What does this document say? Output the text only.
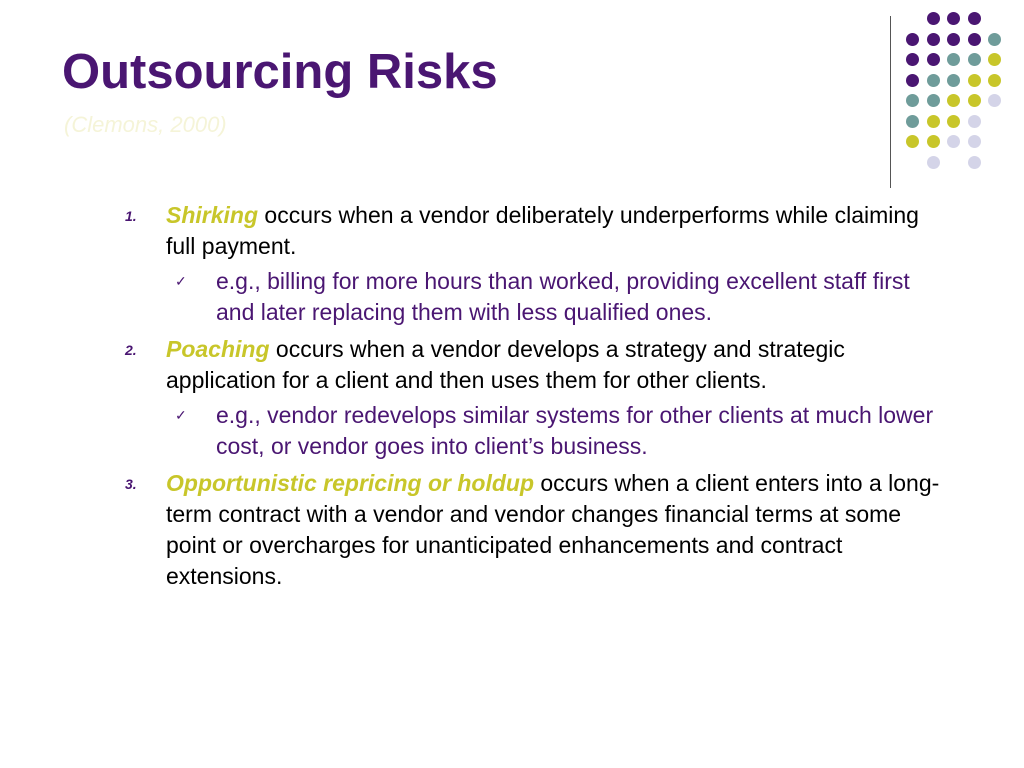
Outsourcing Risks
(Clemons, 2000)
1. Shirking occurs when a vendor deliberately underperforms while claiming full payment.
✓ e.g., billing for more hours than worked, providing excellent staff first and later replacing them with less qualified ones.
2. Poaching occurs when a vendor develops a strategy and strategic application for a client and then uses them for other clients.
✓ e.g., vendor redevelops similar systems for other clients at much lower cost, or vendor goes into client’s business.
3. Opportunistic repricing or holdup occurs when a client enters into a long-term contract with a vendor and vendor changes financial terms at some point or overcharges for unanticipated enhancements and contract extensions.
